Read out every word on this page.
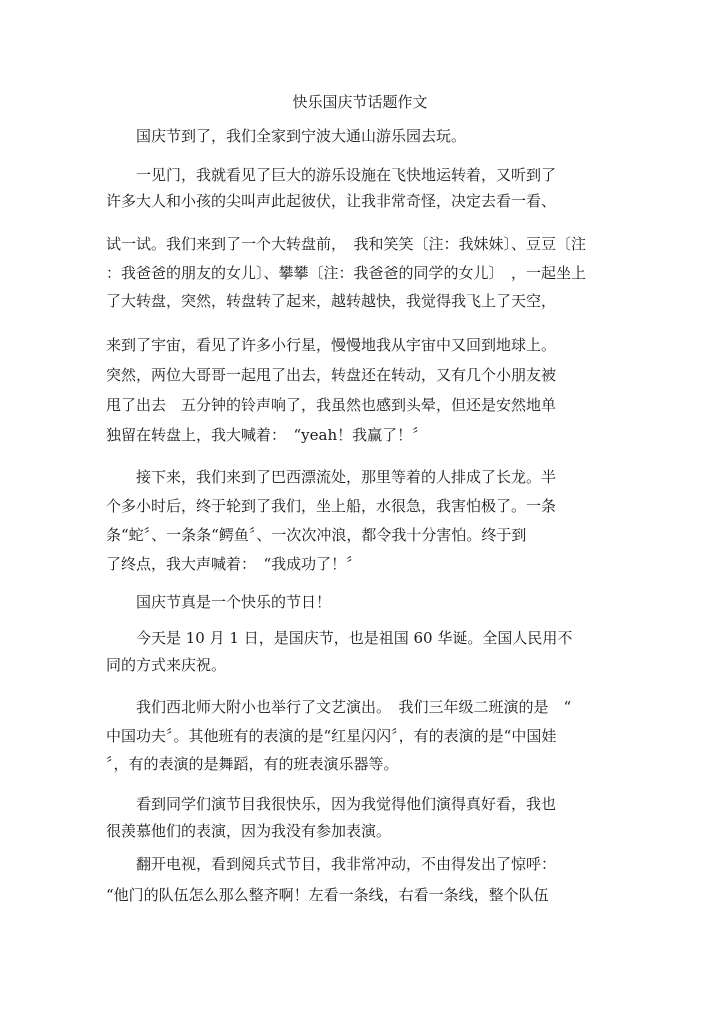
快乐国庆节话题作文
　　国庆节到了，我们全家到宁波大通山游乐园去玩。
　　一见门，我就看见了巨大的游乐设施在飞快地运转着，又听到了
许多大人和小孩的尖叫声此起彼伏，让我非常奇怪，决定去看一看、
试一试。我们来到了一个大转盘前，　我和笑笑〔注：我妹妹〕、豆豆〔注
：我爸爸的朋友的女儿〕、攀攀〔注：我爸爸的同学的女儿〕　，一起坐上
了大转盘，突然，转盘转了起来，越转越快，我觉得我飞上了天空，
来到了宇宙，看见了许多小行星，慢慢地我从宇宙中又回到地球上。
突然，两位大哥哥一起甩了出去，转盘还在转动，又有几个小朋友被
甩了出去　五分钟的铃声响了，我虽然也感到头晕，但还是安然地单
独留在转盘上，我大喊着：　“yeah！我赢了！〞
　　接下来，我们来到了巴西漂流处，那里等着的人排成了长龙。半
个多小时后，终于轮到了我们，坐上船，水很急，我害怕极了。一条
条“蛇〞、一条条“鳄鱼〞、一次次冲浪，都令我十分害怕。终于到
了终点，我大声喊着：　“我成功了！〞
　　国庆节真是一个快乐的节日！
　　今天是 10 月 1 日，是国庆节，也是祖国 60 华诞。全国人民用不
同的方式来庆祝。
　　我们西北师大附小也举行了文艺演出。　我们三年级二班演的是　“
中国功夫〞。其他班有的表演的是“红星闪闪〞，有的表演的是“中国娃
〞，有的表演的是舞蹈，有的班表演乐器等。
　　看到同学们演节目我很快乐，因为我觉得他们演得真好看，我也
很羡慕他们的表演，因为我没有参加表演。
　　翻开电视，看到阅兵式节目，我非常冲动，不由得发出了惊呼：
“他门的队伍怎么那么整齐啊！左看一条线，右看一条线，整个队伍
